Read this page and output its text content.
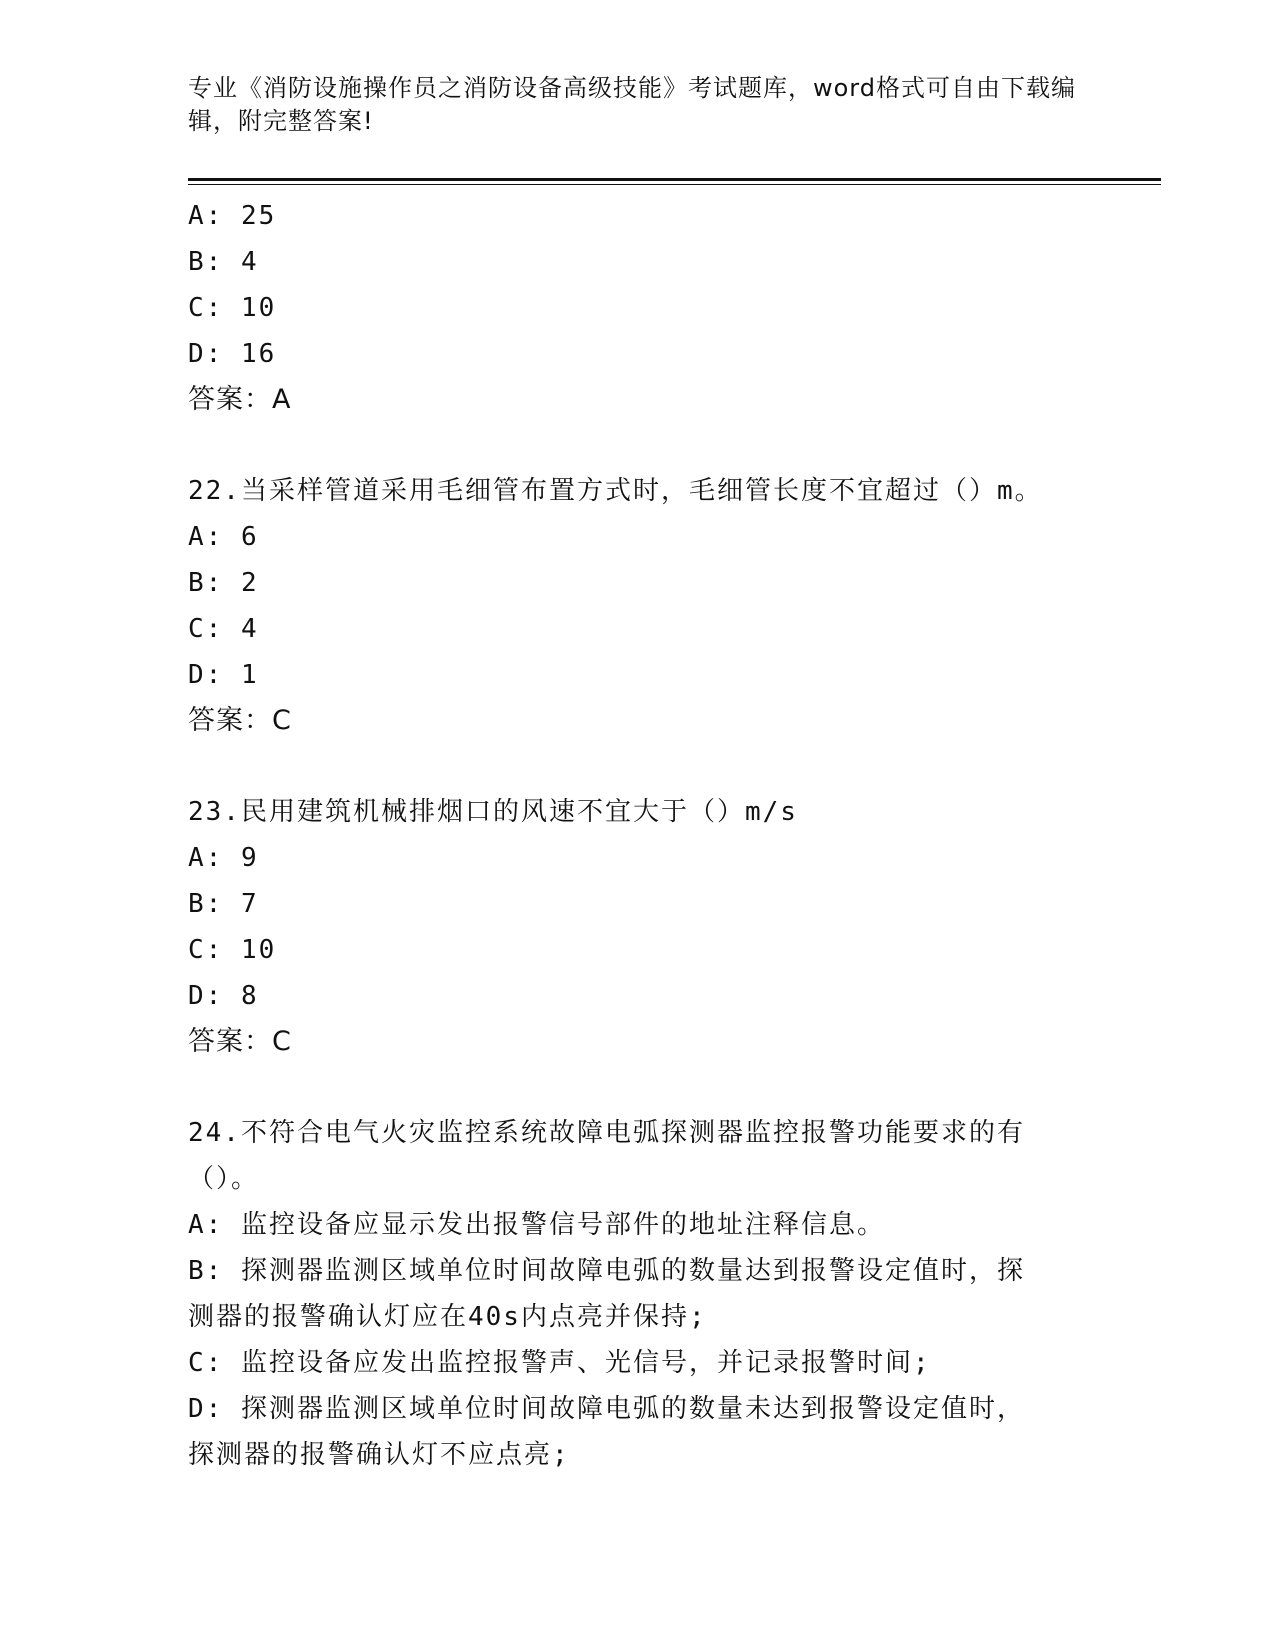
专业《消防设施操作员之消防设备高级技能》考试题库，word格式可自由下载编辑，附完整答案!
A: 25
B: 4
C: 10
D: 16
答案：A
22.当采样管道采用毛细管布置方式时，毛细管长度不宜超过（）m。
A: 6
B: 2
C: 4
D: 1
答案：C
23.民用建筑机械排烟口的风速不宜大于（）m/s
A: 9
B: 7
C: 10
D: 8
答案：C
24.不符合电气火灾监控系统故障电弧探测器监控报警功能要求的有（）。
A: 监控设备应显示发出报警信号部件的地址注释信息。
B: 探测器监测区域单位时间故障电弧的数量达到报警设定值时，探测器的报警确认灯应在40s内点亮并保持;
C: 监控设备应发出监控报警声、光信号，并记录报警时间;
D: 探测器监测区域单位时间故障电弧的数量未达到报警设定值时，探测器的报警确认灯不应点亮;
